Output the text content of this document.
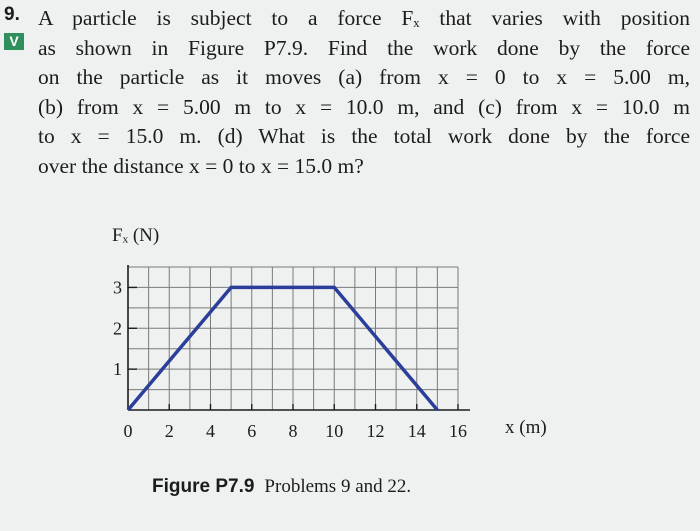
9.
V
A particle is subject to a force Fₓ that varies with position
as shown in Figure P7.9. Find the work done by the force
on the particle as it moves (a) from x = 0 to x = 5.00 m,
(b) from x = 5.00 m to x = 10.0 m, and (c) from x = 10.0 m
to x = 15.0 m. (d) What is the total work done by the force
over the distance x = 0 to x = 15.0 m?
0 2 4 6 8 10 12 14 16
1
2
3
Fₓ (N)
x (m)
Figure P7.9 Problems 9 and 22.
